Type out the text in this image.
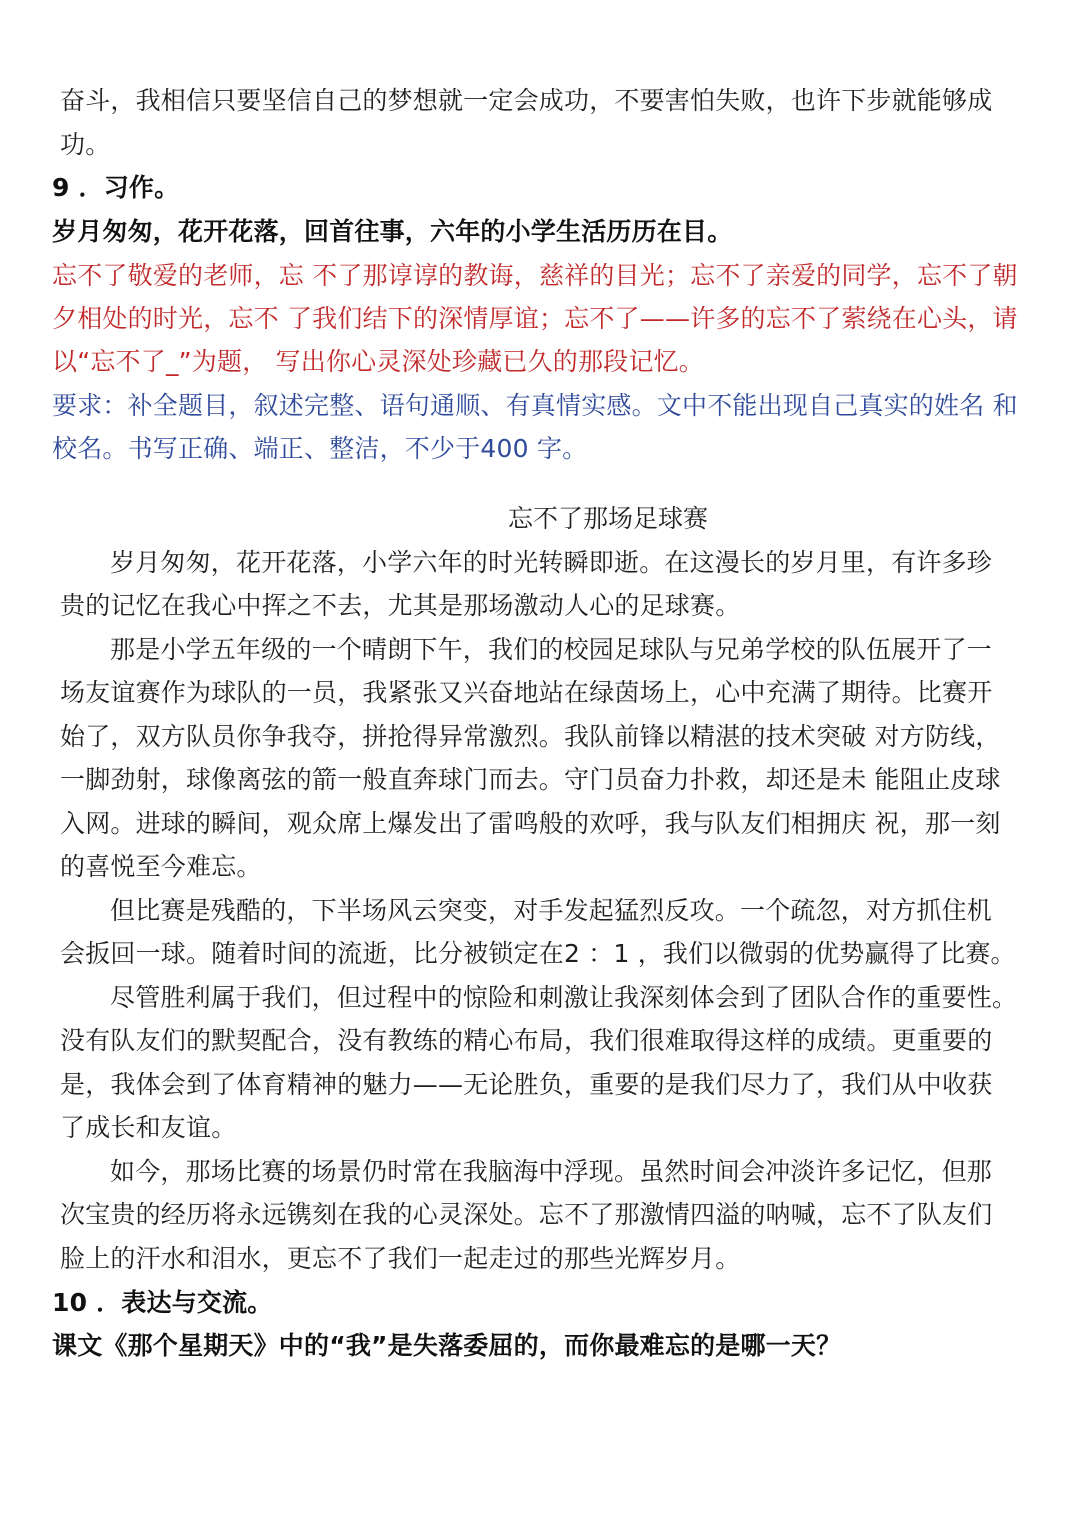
奋斗，我相信只要坚信自己的梦想就一定会成功，不要害怕失败，也许下步就能够成
功。
9 ．习作。
岁月匆匆，花开花落，回首往事，六年的小学生活历历在目。
忘不了敬爱的老师，忘 不了那谆谆的教诲，慈祥的目光；忘不了亲爱的同学，忘不了朝
夕相处的时光，忘不 了我们结下的深情厚谊；忘不了——许多的忘不了萦绕在心头，请
以“忘不了_”为题， 写出你心灵深处珍藏已久的那段记忆。
要求：补全题目，叙述完整、语句通顺、有真情实感。文中不能出现自己真实的姓名 和
校名。书写正确、端正、整洁，不少于400 字。
忘不了那场足球赛
岁月匆匆，花开花落，小学六年的时光转瞬即逝。在这漫长的岁月里，有许多珍
贵的记忆在我心中挥之不去，尤其是那场激动人心的足球赛。
那是小学五年级的一个晴朗下午，我们的校园足球队与兄弟学校的队伍展开了一
场友谊赛作为球队的一员，我紧张又兴奋地站在绿茵场上，心中充满了期待。比赛开
始了，双方队员你争我夺，拼抢得异常激烈。我队前锋以精湛的技术突破 对方防线，
一脚劲射，球像离弦的箭一般直奔球门而去。守门员奋力扑救，却还是未 能阻止皮球
入网。进球的瞬间，观众席上爆发出了雷鸣般的欢呼，我与队友们相拥庆 祝，那一刻
的喜悦至今难忘。
但比赛是残酷的，下半场风云突变，对手发起猛烈反攻。一个疏忽，对方抓住机
会扳回一球。随着时间的流逝，比分被锁定在2 ：1 ，我们以微弱的优势赢得了比赛。
尽管胜利属于我们，但过程中的惊险和刺激让我深刻体会到了团队合作的重要性。
没有队友们的默契配合，没有教练的精心布局，我们很难取得这样的成绩。更重要的
是，我体会到了体育精神的魅力——无论胜负，重要的是我们尽力了，我们从中收获
了成长和友谊。
如今，那场比赛的场景仍时常在我脑海中浮现。虽然时间会冲淡许多记忆，但那
次宝贵的经历将永远镌刻在我的心灵深处。忘不了那激情四溢的呐喊，忘不了队友们
脸上的汗水和泪水，更忘不了我们一起走过的那些光辉岁月。
10 ．表达与交流。
课文《那个星期天》中的“我”是失落委屈的，而你最难忘的是哪一天？
